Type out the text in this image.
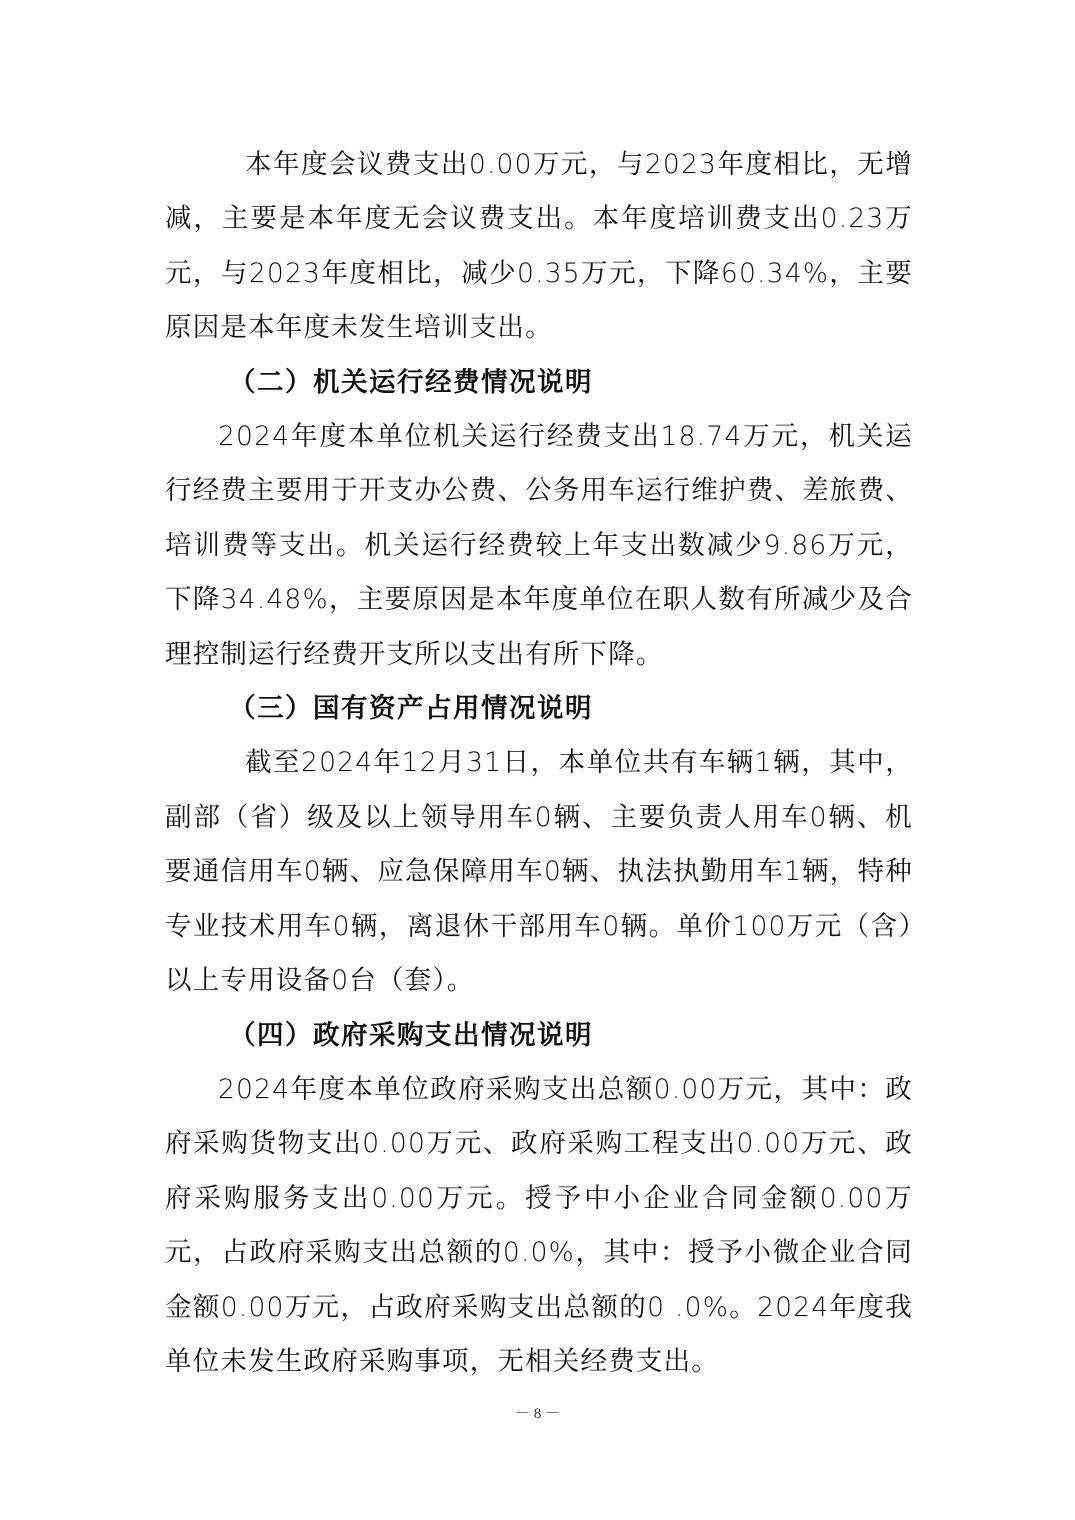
本年度会议费支出0.00万元，与2023年度相比，无增减，主要是本年度无会议费支出。本年度培训费支出0.23万元，与2023年度相比，减少0.35万元，下降60.34%，主要原因是本年度未发生培训支出。

（二）机关运行经费情况说明

2024年度本单位机关运行经费支出18.74万元，机关运行经费主要用于开支办公费、公务用车运行维护费、差旅费、培训费等支出。机关运行经费较上年支出数减少9.86万元，下降34.48%，主要原因是本年度单位在职人数有所减少及合理控制运行经费开支所以支出有所下降。

（三）国有资产占用情况说明

截至2024年12月31日，本单位共有车辆1辆，其中，副部（省）级及以上领导用车0辆、主要负责人用车0辆、机要通信用车0辆、应急保障用车0辆、执法执勤用车1辆，特种专业技术用车0辆，离退休干部用车0辆。单价100万元（含）以上专用设备0台（套）。

（四）政府采购支出情况说明

2024年度本单位政府采购支出总额0.00万元，其中：政府采购货物支出0.00万元、政府采购工程支出0.00万元、政府采购服务支出0.00万元。授予中小企业合同金额0.00万元，占政府采购支出总额的0.0%，其中：授予小微企业合同金额0.00万元，占政府采购支出总额的0 .0%。2024年度我单位未发生政府采购事项，无相关经费支出。

－ 8 －
